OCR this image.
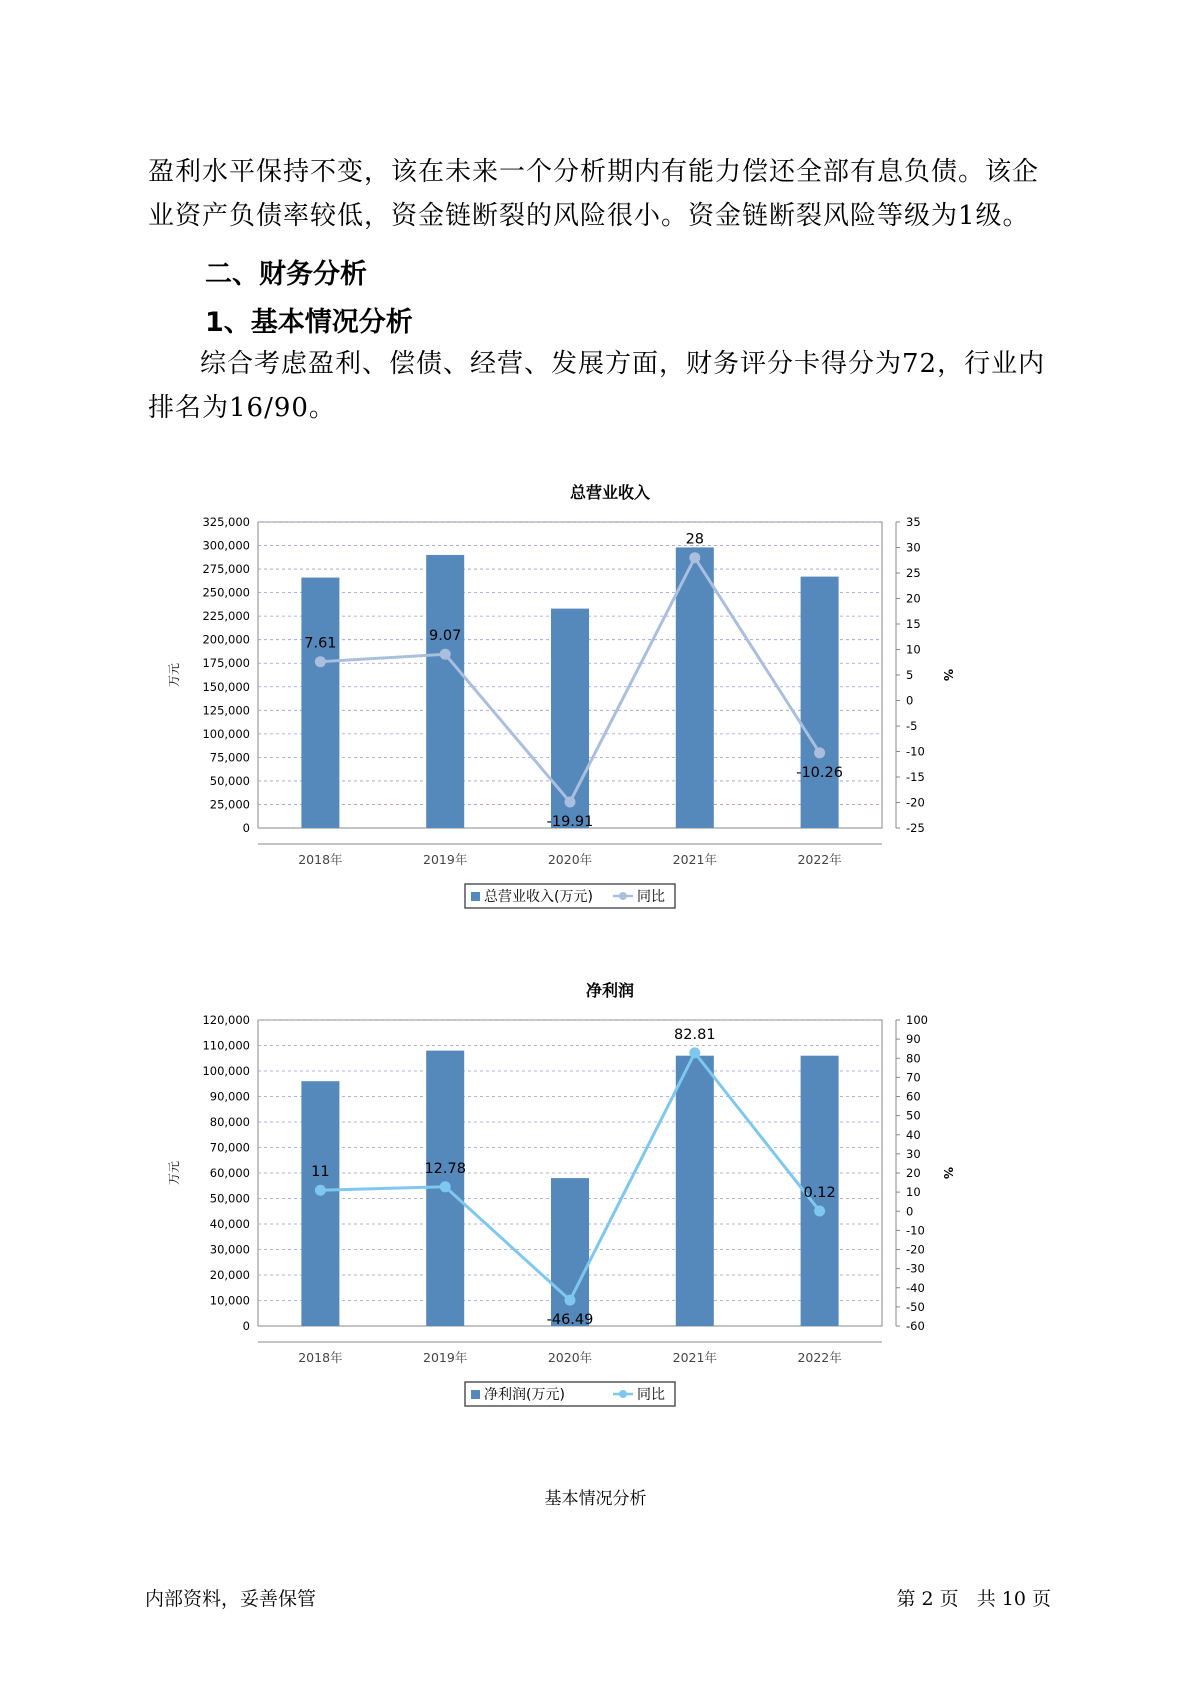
盈利水平保持不变，该在未来一个分析期内有能力偿还全部有息负债。该企业资产负债率较低，资金链断裂的风险很小。资金链断裂风险等级为1级。
二、财务分析
1、基本情况分析
综合考虑盈利、偿债、经营、发展方面，财务评分卡得分为72，行业内排名为16/90。
总营业收入
0
25,000
50,000
75,000
100,000
125,000
150,000
175,000
200,000
225,000
250,000
275,000
300,000
325,000
-25
-20
-15
-10
-5
0
5
10
15
20
25
30
35
万元	%
2018年	2019年	2020年	2021年	2022年
7.61	9.07
-19.91
28
-10.26
总营业收入(万元)	同比
净利润
0
10,000
20,000
30,000
40,000
50,000
60,000
70,000
80,000
90,000
100,000
110,000
120,000
-60
-50
-40
-30
-20
-10
0
10
20
30
40
50
60
70
80
90
100
万元	%
2018年	2019年	2020年	2021年	2022年
11	12.78
-46.49
82.81
0.12
净利润(万元)	同比
基本情况分析
内部资料，妥善保管	第 2 页   共 10 页
